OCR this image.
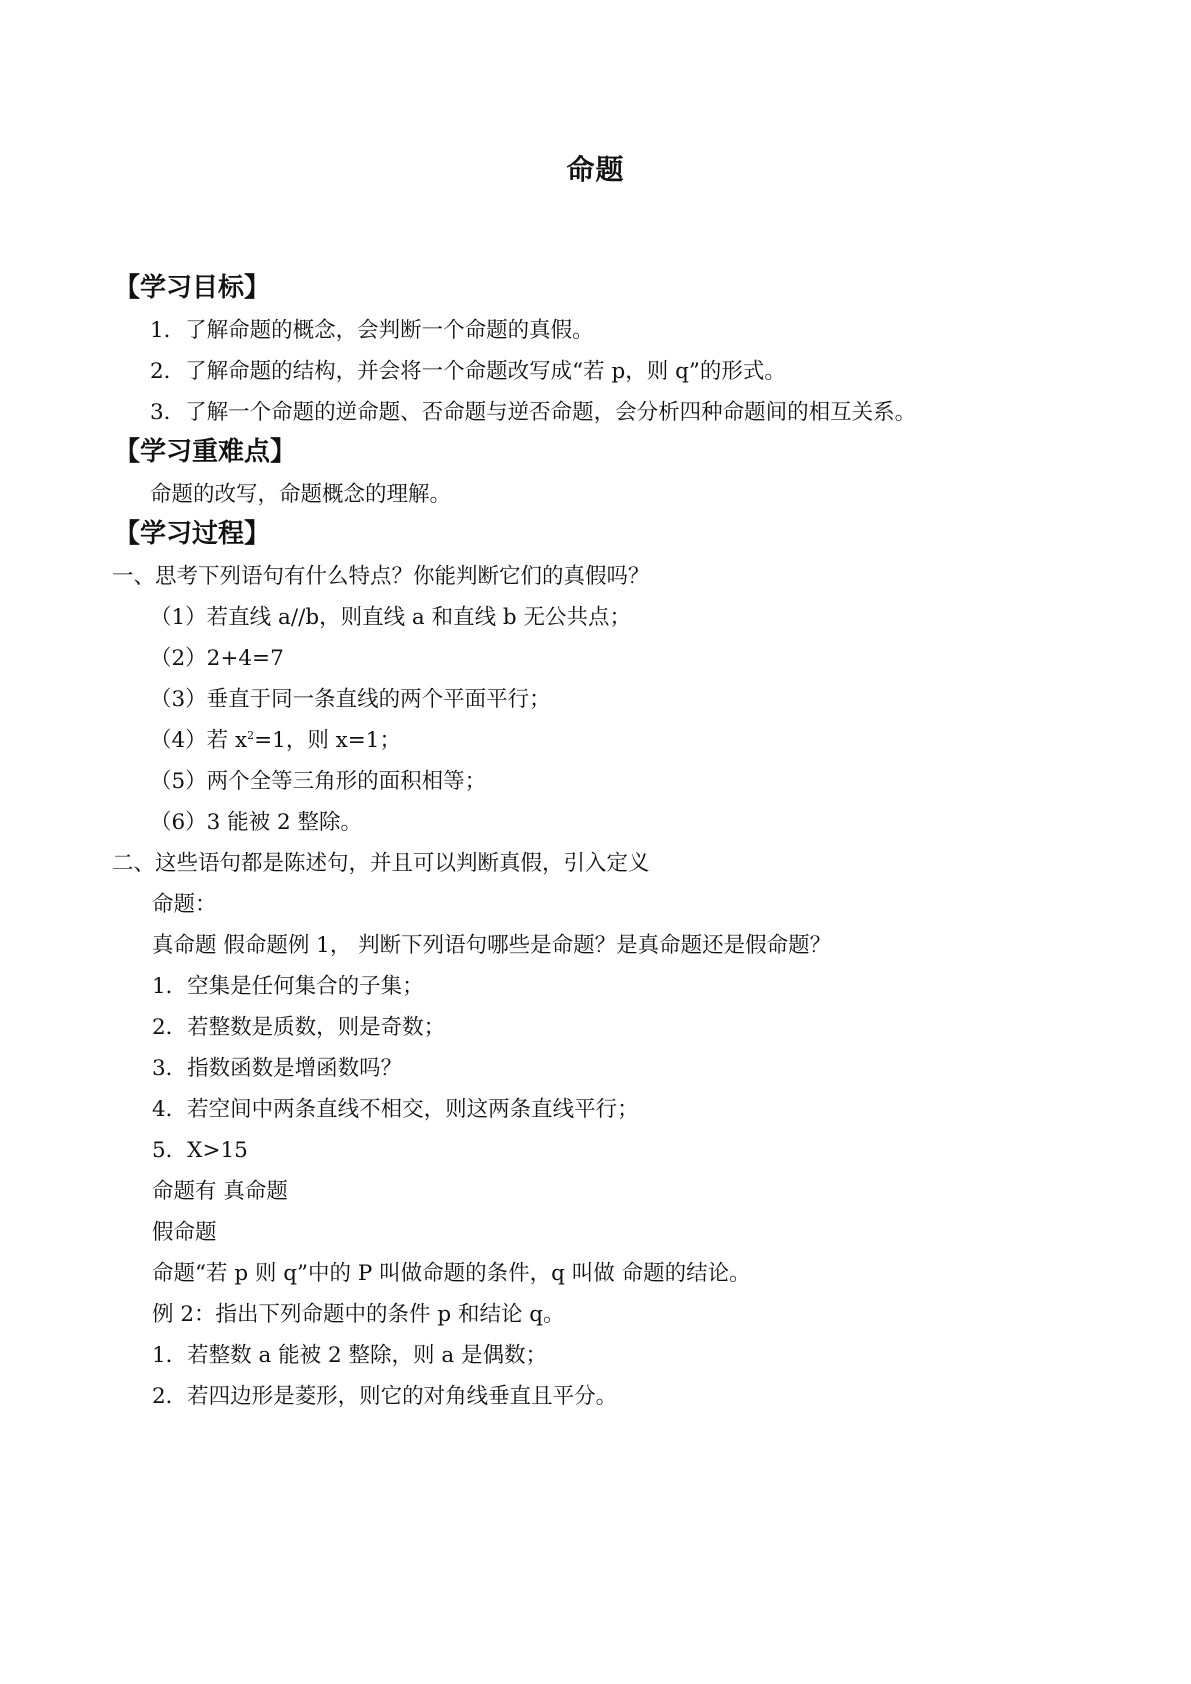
命题
【学习目标】
1．了解命题的概念，会判断一个命题的真假。
2．了解命题的结构，并会将一个命题改写成“若 p，则 q”的形式。
3．了解一个命题的逆命题、否命题与逆否命题，会分析四种命题间的相互关系。
【学习重难点】
命题的改写，命题概念的理解。
【学习过程】
一、思考下列语句有什么特点？你能判断它们的真假吗？
（1）若直线 a//b，则直线 a 和直线 b 无公共点；
（2）2+4=7
（3）垂直于同一条直线的两个平面平行；
（4）若 $x^2=1$，则 x=1；
（5）两个全等三角形的面积相等；
（6）3 能被 2 整除。
二、这些语句都是陈述句，并且可以判断真假，引入定义
命题：
真命题 假命题例 1， 判断下列语句哪些是命题？是真命题还是假命题？
1．空集是任何集合的子集；
2．若整数是质数，则是奇数；
3．指数函数是增函数吗？
4．若空间中两条直线不相交，则这两条直线平行；
5．X>15
命题有 真命题
假命题
命题“若 p 则 q”中的 P 叫做命题的条件，q 叫做 命题的结论。
例 2：指出下列命题中的条件 p 和结论 q。
1．若整数 a 能被 2 整除，则 a 是偶数；
2．若四边形是菱形，则它的对角线垂直且平分。
